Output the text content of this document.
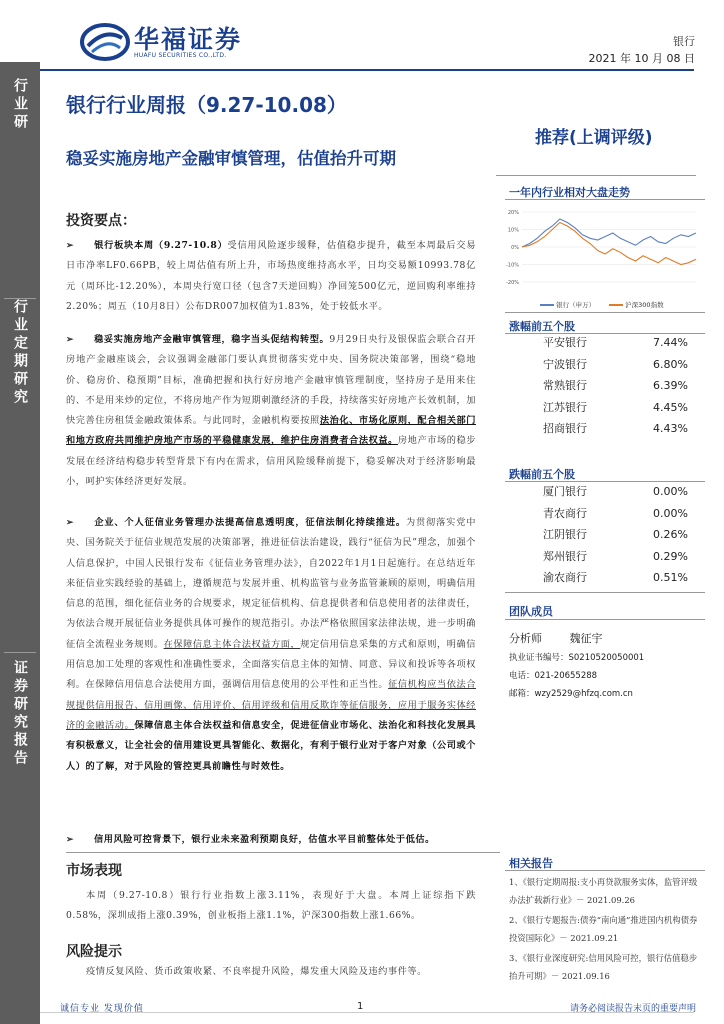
行业研
行业定期研究
证券研究报告
华福证券
HUAFU SECURITIES CO.,LTD.
银行
2021 年 10 月 08 日
银行行业周报（9.27-10.08）
稳妥实施房地产金融审慎管理，估值抬升可期
推荐(上调评级)
一年内行业相对大盘走势
-20%
-10%
0%
10%
20%
银行（申万）	沪深300指数
涨幅前五个股
平安银行	7.44%
宁波银行	6.80%
常熟银行	6.39%
江苏银行	4.45%
招商银行	4.43%
跌幅前五个股
厦门银行	0.00%
青农商行	0.00%
江阴银行	0.26%
郑州银行	0.29%
渝农商行	0.51%
团队成员
分析师	魏征宇
执业证书编号：S0210520050001
电话：021-20655288
邮箱：wzy2529@hfzq.com.cn
相关报告
1、《银行定期周报:支小再贷款服务实体，监管评级办法扩载新行业》－ 2021.09.26
2、《银行专题报告:债券“南向通”推进国内机构债券投资国际化》－ 2021.09.21
3、《银行业深度研究:信用风险可控，银行估值稳步抬升可期》－ 2021.09.16
投资要点：
➢ 银行板块本周（9.27-10.8）受信用风险逐步缓释，估值稳步提升，截至本周最后交易日市净率LF0.66PB，较上周估值有所上升，市场热度维持高水平，日均交易额10993.78亿元（周环比-12.20%），本周央行宽口径（包含7天逆回购）净回笼500亿元，逆回购利率维持2.20%；周五（10月8日）公布DR007加权值为1.83%，处于较低水平。
➢ 稳妥实施房地产金融审慎管理，稳字当头促结构转型。9月29日央行及银保监会联合召开房地产金融座谈会，会议强调金融部门要认真贯彻落实党中央、国务院决策部署，围绕“稳地价、稳房价、稳预期”目标，准确把握和执行好房地产金融审慎管理制度，坚持房子是用来住的、不是用来炒的定位，不将房地产作为短期刺激经济的手段，持续落实好房地产长效机制，加快完善住房租赁金融政策体系。与此同时，金融机构要按照法治化、市场化原则，配合相关部门和地方政府共同维护房地产市场的平稳健康发展，维护住房消费者合法权益。房地产市场的稳步发展在经济结构稳步转型背景下有内在需求，信用风险缓释前提下，稳妥解决对于经济影响最小，呵护实体经济更好发展。
➢ 企业、个人征信业务管理办法提高信息透明度，征信法制化持续推进。为贯彻落实党中央、国务院关于征信业规范发展的决策部署，推进征信法治建设，践行“征信为民”理念，加强个人信息保护，中国人民银行发布《征信业务管理办法》，自2022年1月1日起施行。在总结近年来征信业实践经验的基础上，遵循规范与发展并重、机构监管与业务监管兼顾的原则，明确信用信息的范围，细化征信业务的合规要求，规定征信机构、信息提供者和信息使用者的法律责任，为依法合规开展征信业务提供具体可操作的规范指引。办法严格依照国家法律法规，进一步明确征信全流程业务规则。在保障信息主体合法权益方面，规定信用信息采集的方式和原则，明确信用信息加工处理的客观性和准确性要求，全面落实信息主体的知情、同意、异议和投诉等各项权利。在保障信用信息合法使用方面，强调信用信息使用的公平性和正当性。征信机构应当依法合规提供信用报告、信用画像、信用评价、信用评级和信用反欺诈等征信服务，应用于服务实体经济的金融活动。保障信息主体合法权益和信息安全，促进征信业市场化、法治化和科技化发展具有积极意义，让全社会的信用建设更具智能化、数据化，有利于银行业对于客户对象（公司或个人）的了解，对于风险的管控更具前瞻性与时效性。
➢ 信用风险可控背景下，银行业未来盈利预期良好，估值水平目前整体处于低估。
市场表现
本周（9.27-10.8）银行行业指数上涨3.11%，表现好于大盘。本周上证综指下跌0.58%，深圳成指上涨0.39%，创业板指上涨1.1%，沪深300指数上涨1.66%。
风险提示
疫情反复风险、货币政策收紧、不良率提升风险，爆发重大风险及违约事件等。
诚信专业 发现价值	1	请务必阅读报告末页的重要声明
